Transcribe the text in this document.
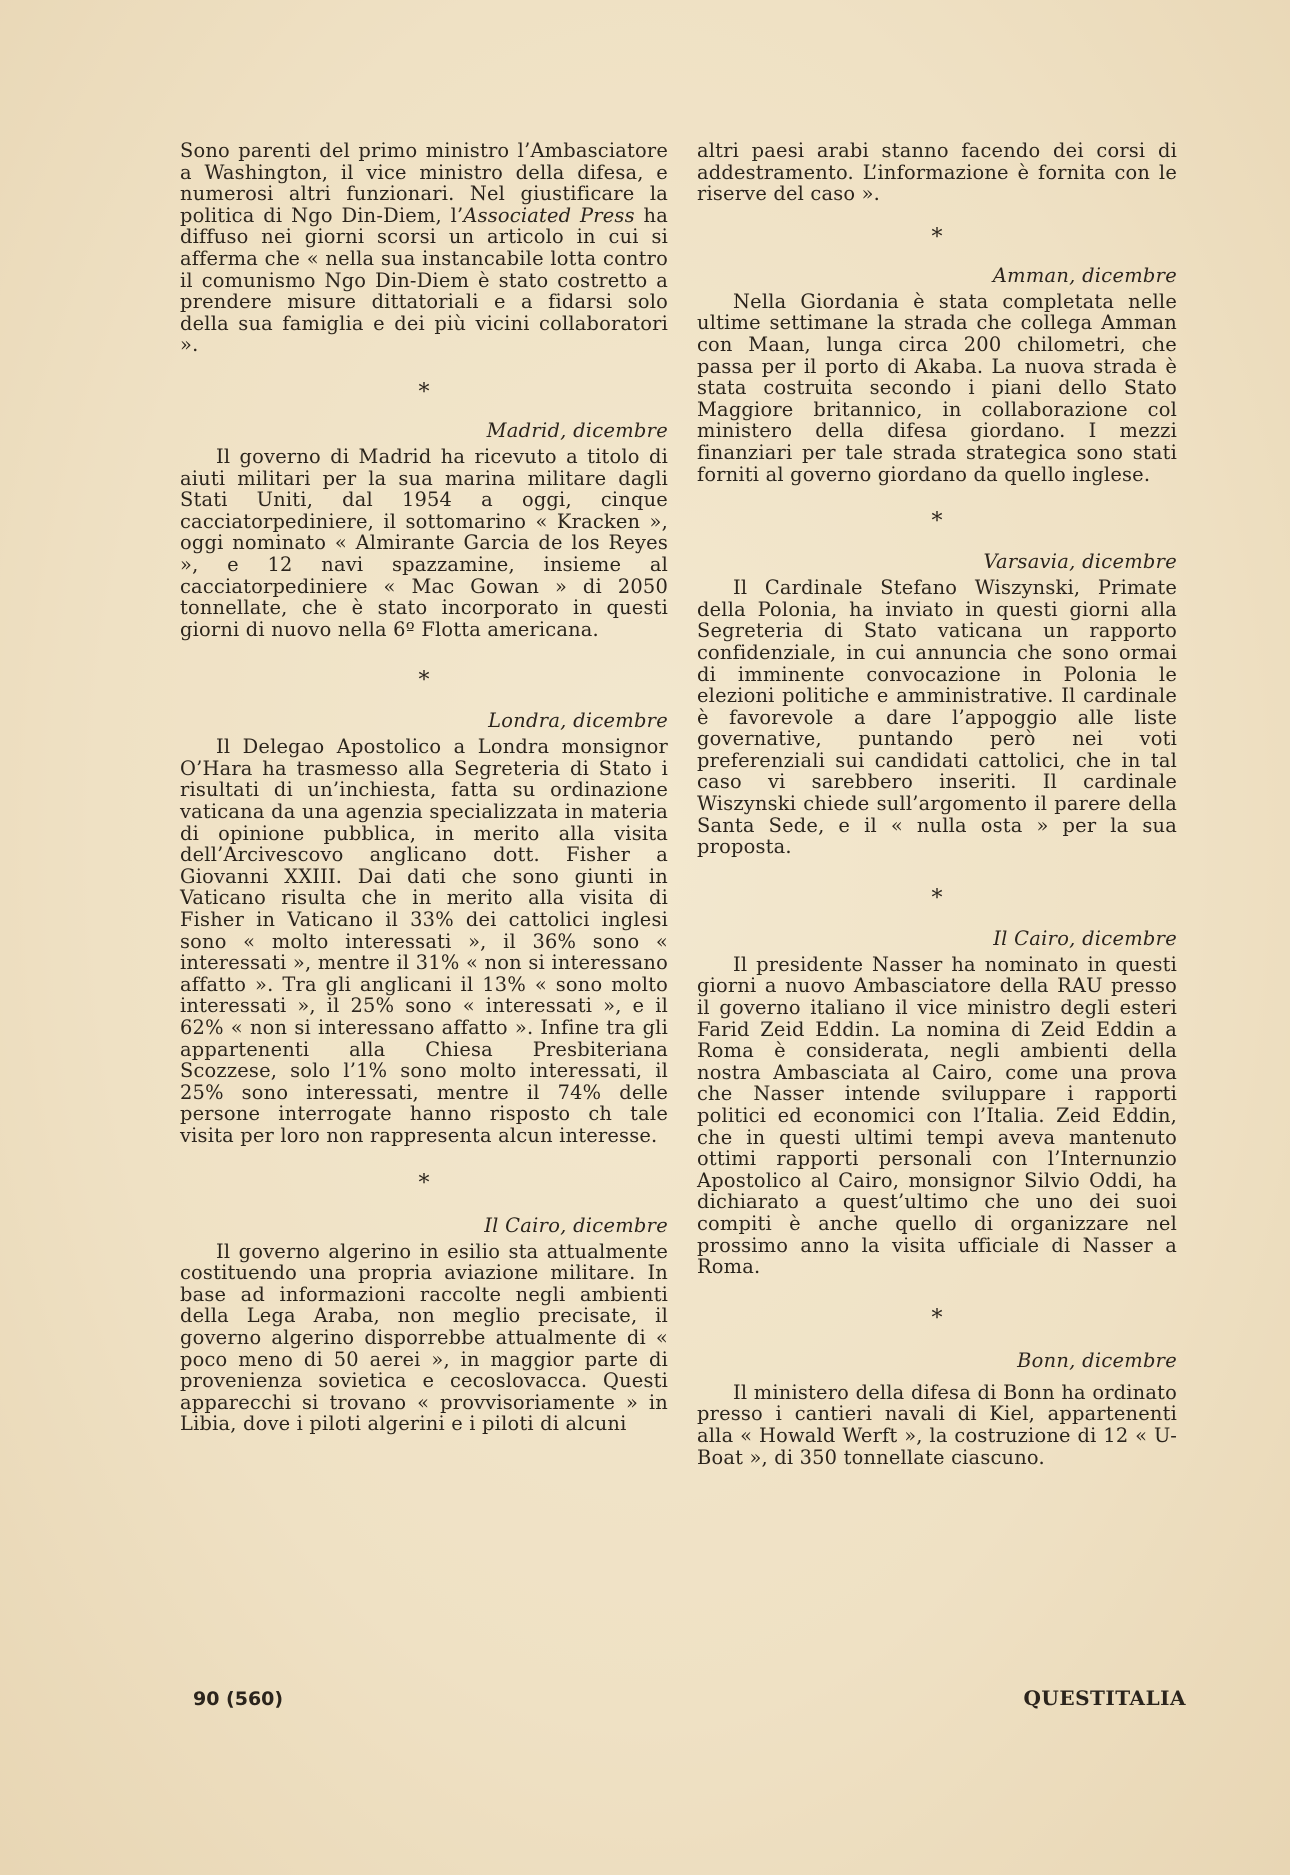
Sono parenti del primo ministro l’Ambasciatore a Washington, il vice ministro della difesa, e numerosi altri funzionari. Nel giustificare la politica di Ngo Din-Diem, l’Associated Press ha diffuso nei giorni scorsi un articolo in cui si afferma che « nella sua instancabile lotta contro il comunismo Ngo Din-Diem è stato costretto a prendere misure dittatoriali e a fidarsi solo della sua famiglia e dei più vicini collaboratori ».

*

Madrid, dicembre

Il governo di Madrid ha ricevuto a titolo di aiuti militari per la sua marina militare dagli Stati Uniti, dal 1954 a oggi, cinque cacciatorpediniere, il sottomarino « Kracken », oggi nominato « Almirante Garcia de los Reyes », e 12 navi spazzamine, insieme al cacciatorpediniere « Mac Gowan » di 2050 tonnellate, che è stato incorporato in questi giorni di nuovo nella 6º Flotta americana.

*

Londra, dicembre

Il Delegao Apostolico a Londra monsignor O’Hara ha trasmesso alla Segreteria di Stato i risultati di un’inchiesta, fatta su ordinazione vaticana da una agenzia specializzata in materia di opinione pubblica, in merito alla visita dell’Arcivescovo anglicano dott. Fisher a Giovanni XXIII. Dai dati che sono giunti in Vaticano risulta che in merito alla visita di Fisher in Vaticano il 33% dei cattolici inglesi sono « molto interessati », il 36% sono « interessati », mentre il 31% « non si interessano affatto ». Tra gli anglicani il 13% « sono molto interessati », il 25% sono « interessati », e il 62% « non si interessano affatto ». Infine tra gli appartenenti alla Chiesa Presbiteriana Scozzese, solo l’1% sono molto interessati, il 25% sono interessati, mentre il 74% delle persone interrogate hanno risposto ch tale visita per loro non rappresenta alcun interesse.

*

Il Cairo, dicembre

Il governo algerino in esilio sta attualmente costituendo una propria aviazione militare. In base ad informazioni raccolte negli ambienti della Lega Araba, non meglio precisate, il governo algerino disporrebbe attualmente di « poco meno di 50 aerei », in maggior parte di provenienza sovietica e cecoslovacca. Questi apparecchi si trovano « provvisoriamente » in Libia, dove i piloti algerini e i piloti di alcuni

altri paesi arabi stanno facendo dei corsi di addestramento. L’informazione è fornita con le riserve del caso ».

*

Amman, dicembre

Nella Giordania è stata completata nelle ultime settimane la strada che collega Amman con Maan, lunga circa 200 chilometri, che passa per il porto di Akaba. La nuova strada è stata costruita secondo i piani dello Stato Maggiore britannico, in collaborazione col ministero della difesa giordano. I mezzi finanziari per tale strada strategica sono stati forniti al governo giordano da quello inglese.

*

Varsavia, dicembre

Il Cardinale Stefano Wiszynski, Primate della Polonia, ha inviato in questi giorni alla Segreteria di Stato vaticana un rapporto confidenziale, in cui annuncia che sono ormai di imminente convocazione in Polonia le elezioni politiche e amministrative. Il cardinale è favorevole a dare l’appoggio alle liste governative, puntando però nei voti preferenziali sui candidati cattolici, che in tal caso vi sarebbero inseriti. Il cardinale Wiszynski chiede sull’argomento il parere della Santa Sede, e il « nulla osta » per la sua proposta.

*

Il Cairo, dicembre

Il presidente Nasser ha nominato in questi giorni a nuovo Ambasciatore della RAU presso il governo italiano il vice ministro degli esteri Farid Zeid Eddin. La nomina di Zeid Eddin a Roma è considerata, negli ambienti della nostra Ambasciata al Cairo, come una prova che Nasser intende sviluppare i rapporti politici ed economici con l’Italia. Zeid Eddin, che in questi ultimi tempi aveva mantenuto ottimi rapporti personali con l’Internunzio Apostolico al Cairo, monsignor Silvio Oddi, ha dichiarato a quest’ultimo che uno dei suoi compiti è anche quello di organizzare nel prossimo anno la visita ufficiale di Nasser a Roma.

*

Bonn, dicembre

Il ministero della difesa di Bonn ha ordinato presso i cantieri navali di Kiel, appartenenti alla « Howald Werft », la costruzione di 12 « U-Boat », di 350 tonnellate ciascuno.

90 (560)	QUESTITALIA
